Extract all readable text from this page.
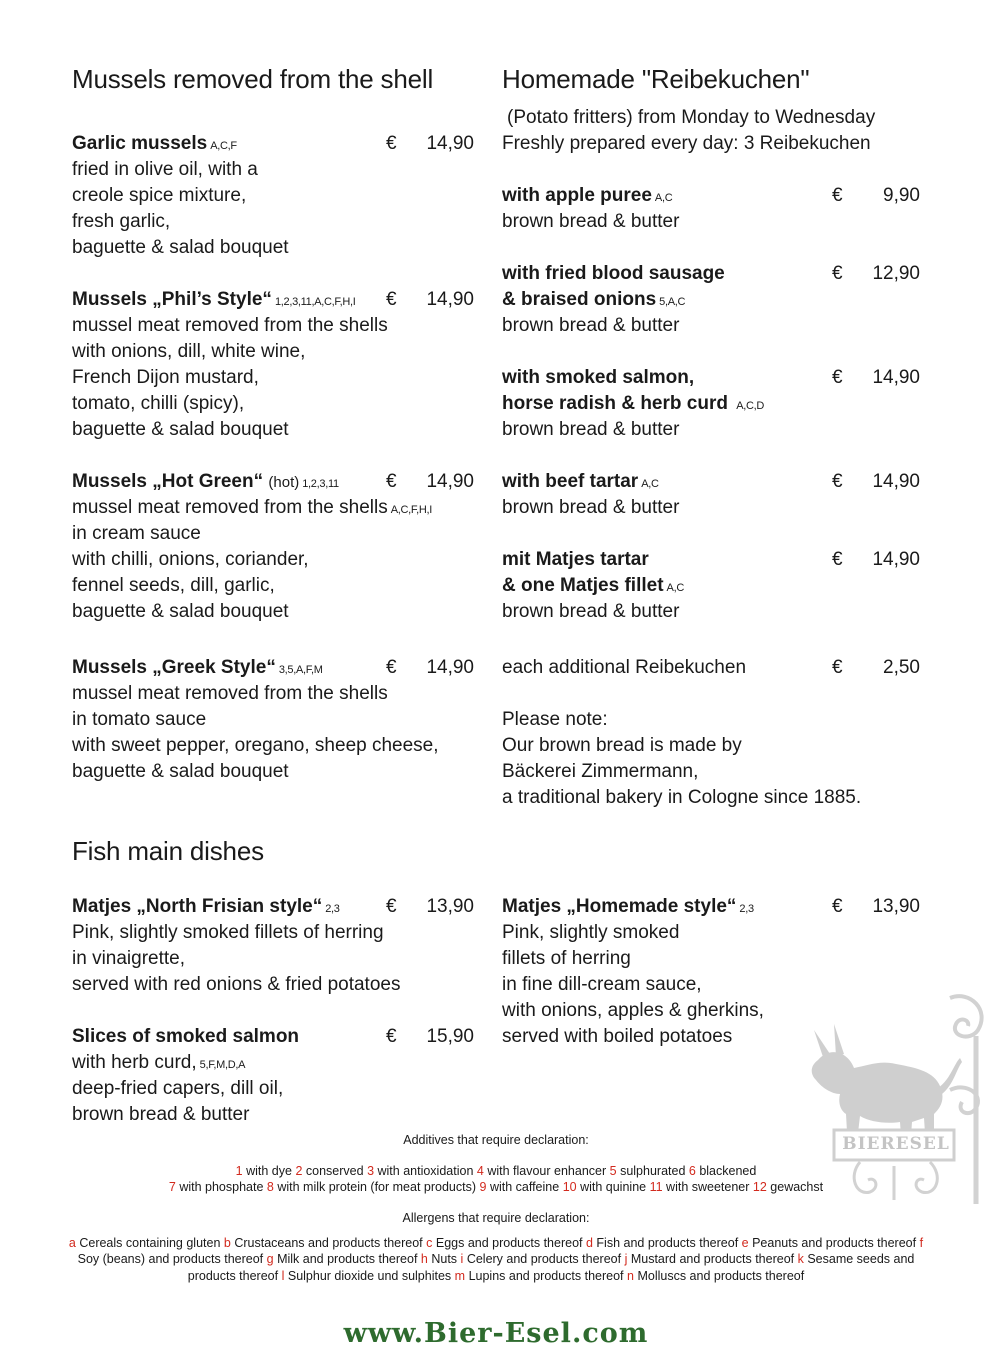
Mussels removed from the shell	Homemade "Reibekuchen"
Fish main dishes
Garlic mussels A,C,F	€ 14,90
fried in olive oil, with a
creole spice mixture,
fresh garlic,
baguette & salad bouquet
Mussels „Phil’s Style“ 1,2,3,11,A,C,F,H,I € 14,90
mussel meat removed from the shells
with onions, dill, white wine,
French Dijon mustard,
tomato, chilli (spicy),
baguette & salad bouquet
Mussels „Hot Green“ (hot) 1,2,3,11 € 14,90
mussel meat removed from the shells A,C,F,H,I
in cream sauce
with chilli, onions, coriander,
fennel seeds, dill, garlic,
baguette & salad bouquet
Mussels „Greek Style“ 3,5,A,F,M	€ 14,90
mussel meat removed from the shells
in tomato sauce
with sweet pepper, oregano, sheep cheese,
baguette & salad bouquet
(Potato fritters) from Monday to Wednesday
Freshly prepared every day: 3 Reibekuchen
with apple puree A,C	€ 9,90
brown bread & butter
with fried blood sausage	€ 12,90
& braised onions 5,A,C
brown bread & butter
with smoked salmon,	€ 14,90
horse radish & herb curd A,C,D
brown bread & butter
with beef tartar A,C	€ 14,90
brown bread & butter
mit Matjes tartar	€ 14,90
& one Matjes fillet A,C
brown bread & butter
each additional Reibekuchen	€ 2,50
Please note:
Our brown bread is made by
Bäckerei Zimmermann,
a traditional bakery in Cologne since 1885.
Matjes „North Frisian style“ 2,3 € 13,90
Pink, slightly smoked fillets of herring
in vinaigrette,
served with red onions & fried potatoes
Slices of smoked salmon	€ 15,90
with herb curd, 5,F,M,D,A
deep-fried capers, dill oil,
brown bread & butter
Matjes „Homemade style“ 2,3	€ 13,90
Pink, slightly smoked
fillets of herring
in fine dill-cream sauce,
with onions, apples & gherkins,
served with boiled potatoes
BIERESEL
Additives that require declaration:
1 with dye 2 conserved 3 with antioxidation 4 with flavour enhancer 5 sulphurated 6 blackened
7 with phosphate 8 with milk protein (for meat products) 9 with caffeine 10 with quinine 11 with sweetener 12 gewachst
Allergens that require declaration:
a Cereals containing gluten b Crustaceans and products thereof c Eggs and products thereof d Fish and products thereof e Peanuts and products thereof f Soy (beans) and products thereof g Milk and products thereof h Nuts i Celery and products thereof j Mustard and products thereof k Sesame seeds and products thereof l Sulphur dioxide und sulphites m Lupins and products thereof n Molluscs and products thereof
www.Bier-Esel.com
